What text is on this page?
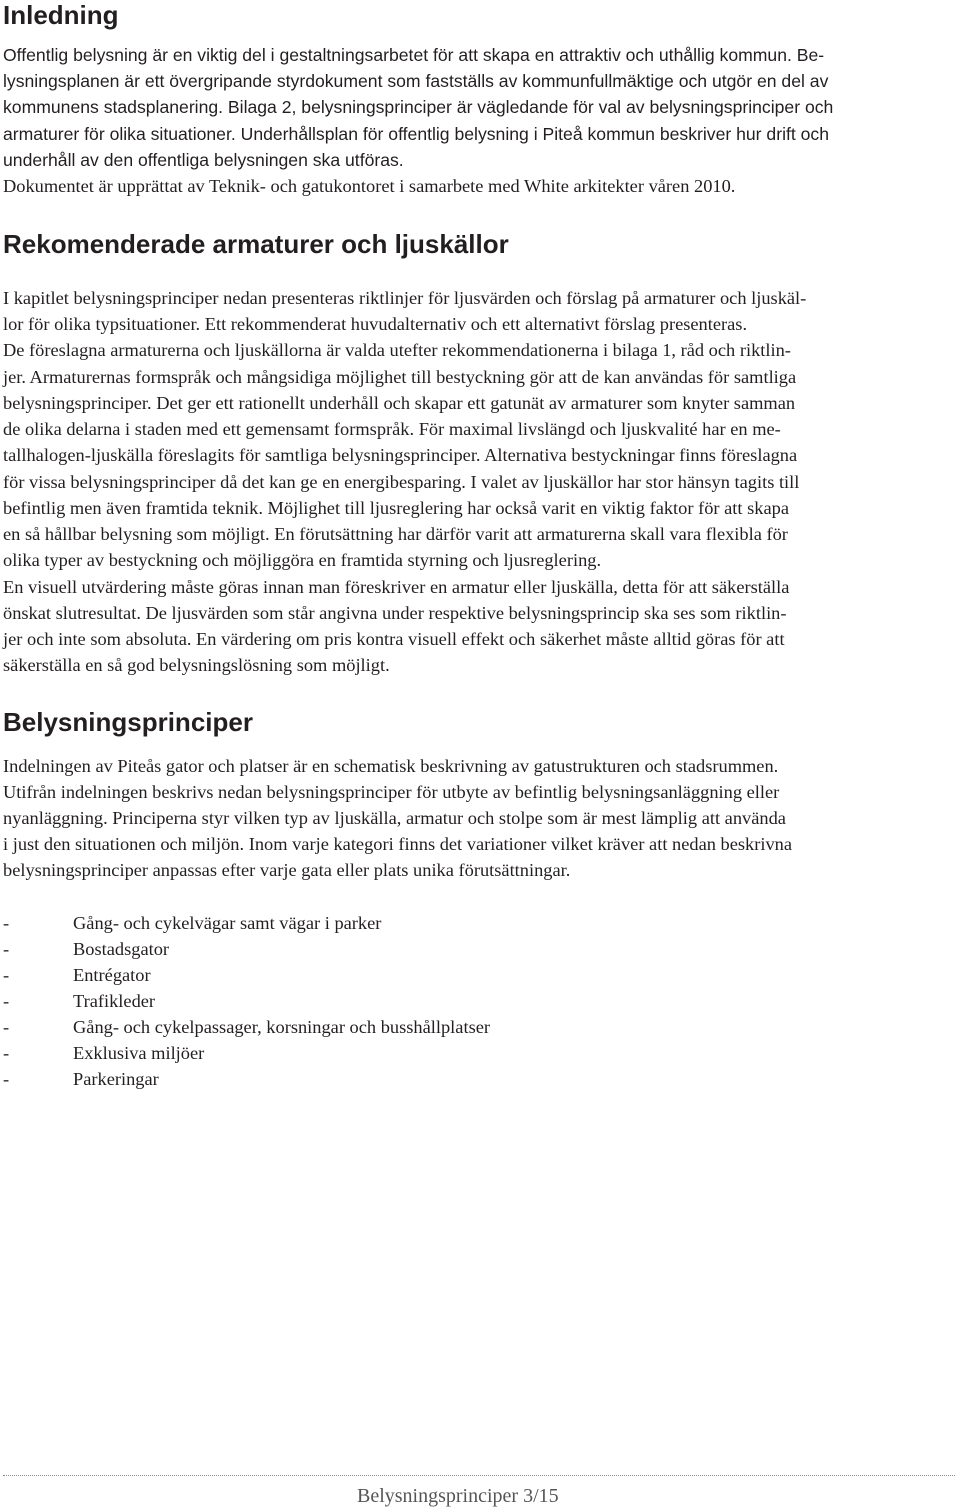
Inledning
Offentlig belysning är en viktig del i gestaltningsarbetet för att skapa en attraktiv och uthållig kommun. Be-
lysningsplanen är ett övergripande styrdokument som fastställs av kommunfullmäktige och utgör en del av
kommunens stadsplanering. Bilaga 2, belysningsprinciper är vägledande för val av belysningsprinciper och
armaturer för olika situationer. Underhållsplan för offentlig belysning i Piteå kommun beskriver hur drift och
underhåll av den offentliga belysningen ska utföras.
Dokumentet är upprättat av Teknik- och gatukontoret i samarbete med White arkitekter våren 2010.
Rekomenderade armaturer och ljuskällor
I kapitlet belysningsprinciper nedan presenteras riktlinjer för ljusvärden och förslag på armaturer och ljuskäl-
lor för olika typsituationer. Ett rekommenderat huvudalternativ och ett alternativt förslag presenteras.
De föreslagna armaturerna och ljuskällorna är valda utefter rekommendationerna i bilaga 1, råd och riktlin-
jer. Armaturernas formspråk och mångsidiga möjlighet till bestyckning gör att de kan användas för samtliga
belysningsprinciper. Det ger ett rationellt underhåll och skapar ett gatunät av armaturer som knyter samman
de olika delarna i staden med ett gemensamt formspråk. För maximal livslängd och ljuskvalité har en me-
tallhalogen-ljuskälla föreslagits för samtliga belysningsprinciper. Alternativa bestyckningar finns föreslagna
för vissa belysningsprinciper då det kan ge en energibesparing. I valet av ljuskällor har stor hänsyn tagits till
befintlig men även framtida teknik. Möjlighet till ljusreglering har också varit en viktig faktor för att skapa
en så hållbar belysning som möjligt. En förutsättning har därför varit att armaturerna skall vara flexibla för
olika typer av bestyckning och möjliggöra en framtida styrning och ljusreglering.
En visuell utvärdering måste göras innan man föreskriver en armatur eller ljuskälla, detta för att säkerställa
önskat slutresultat. De ljusvärden som står angivna under respektive belysningsprincip ska ses som riktlin-
jer och inte som absoluta. En värdering om pris kontra visuell effekt och säkerhet måste alltid göras för att
säkerställa en så god belysningslösning som möjligt.
Belysningsprinciper
Indelningen av Piteås gator och platser är en schematisk beskrivning av gatustrukturen och stadsrummen.
Utifrån indelningen beskrivs nedan belysningsprinciper för utbyte av befintlig belysningsanläggning eller
nyanläggning. Principerna styr vilken typ av ljuskälla, armatur och stolpe som är mest lämplig att använda
i just den situationen och miljön. Inom varje kategori finns det variationer vilket kräver att nedan beskrivna
belysningsprinciper anpassas efter varje gata eller plats unika förutsättningar.
-	Gång- och cykelvägar samt vägar i parker
-	Bostadsgator
-	Entrégator
-	Trafikleder
-	Gång- och cykelpassager, korsningar och busshållplatser
-	Exklusiva miljöer
-	Parkeringar
Belysningsprinciper 3/15
